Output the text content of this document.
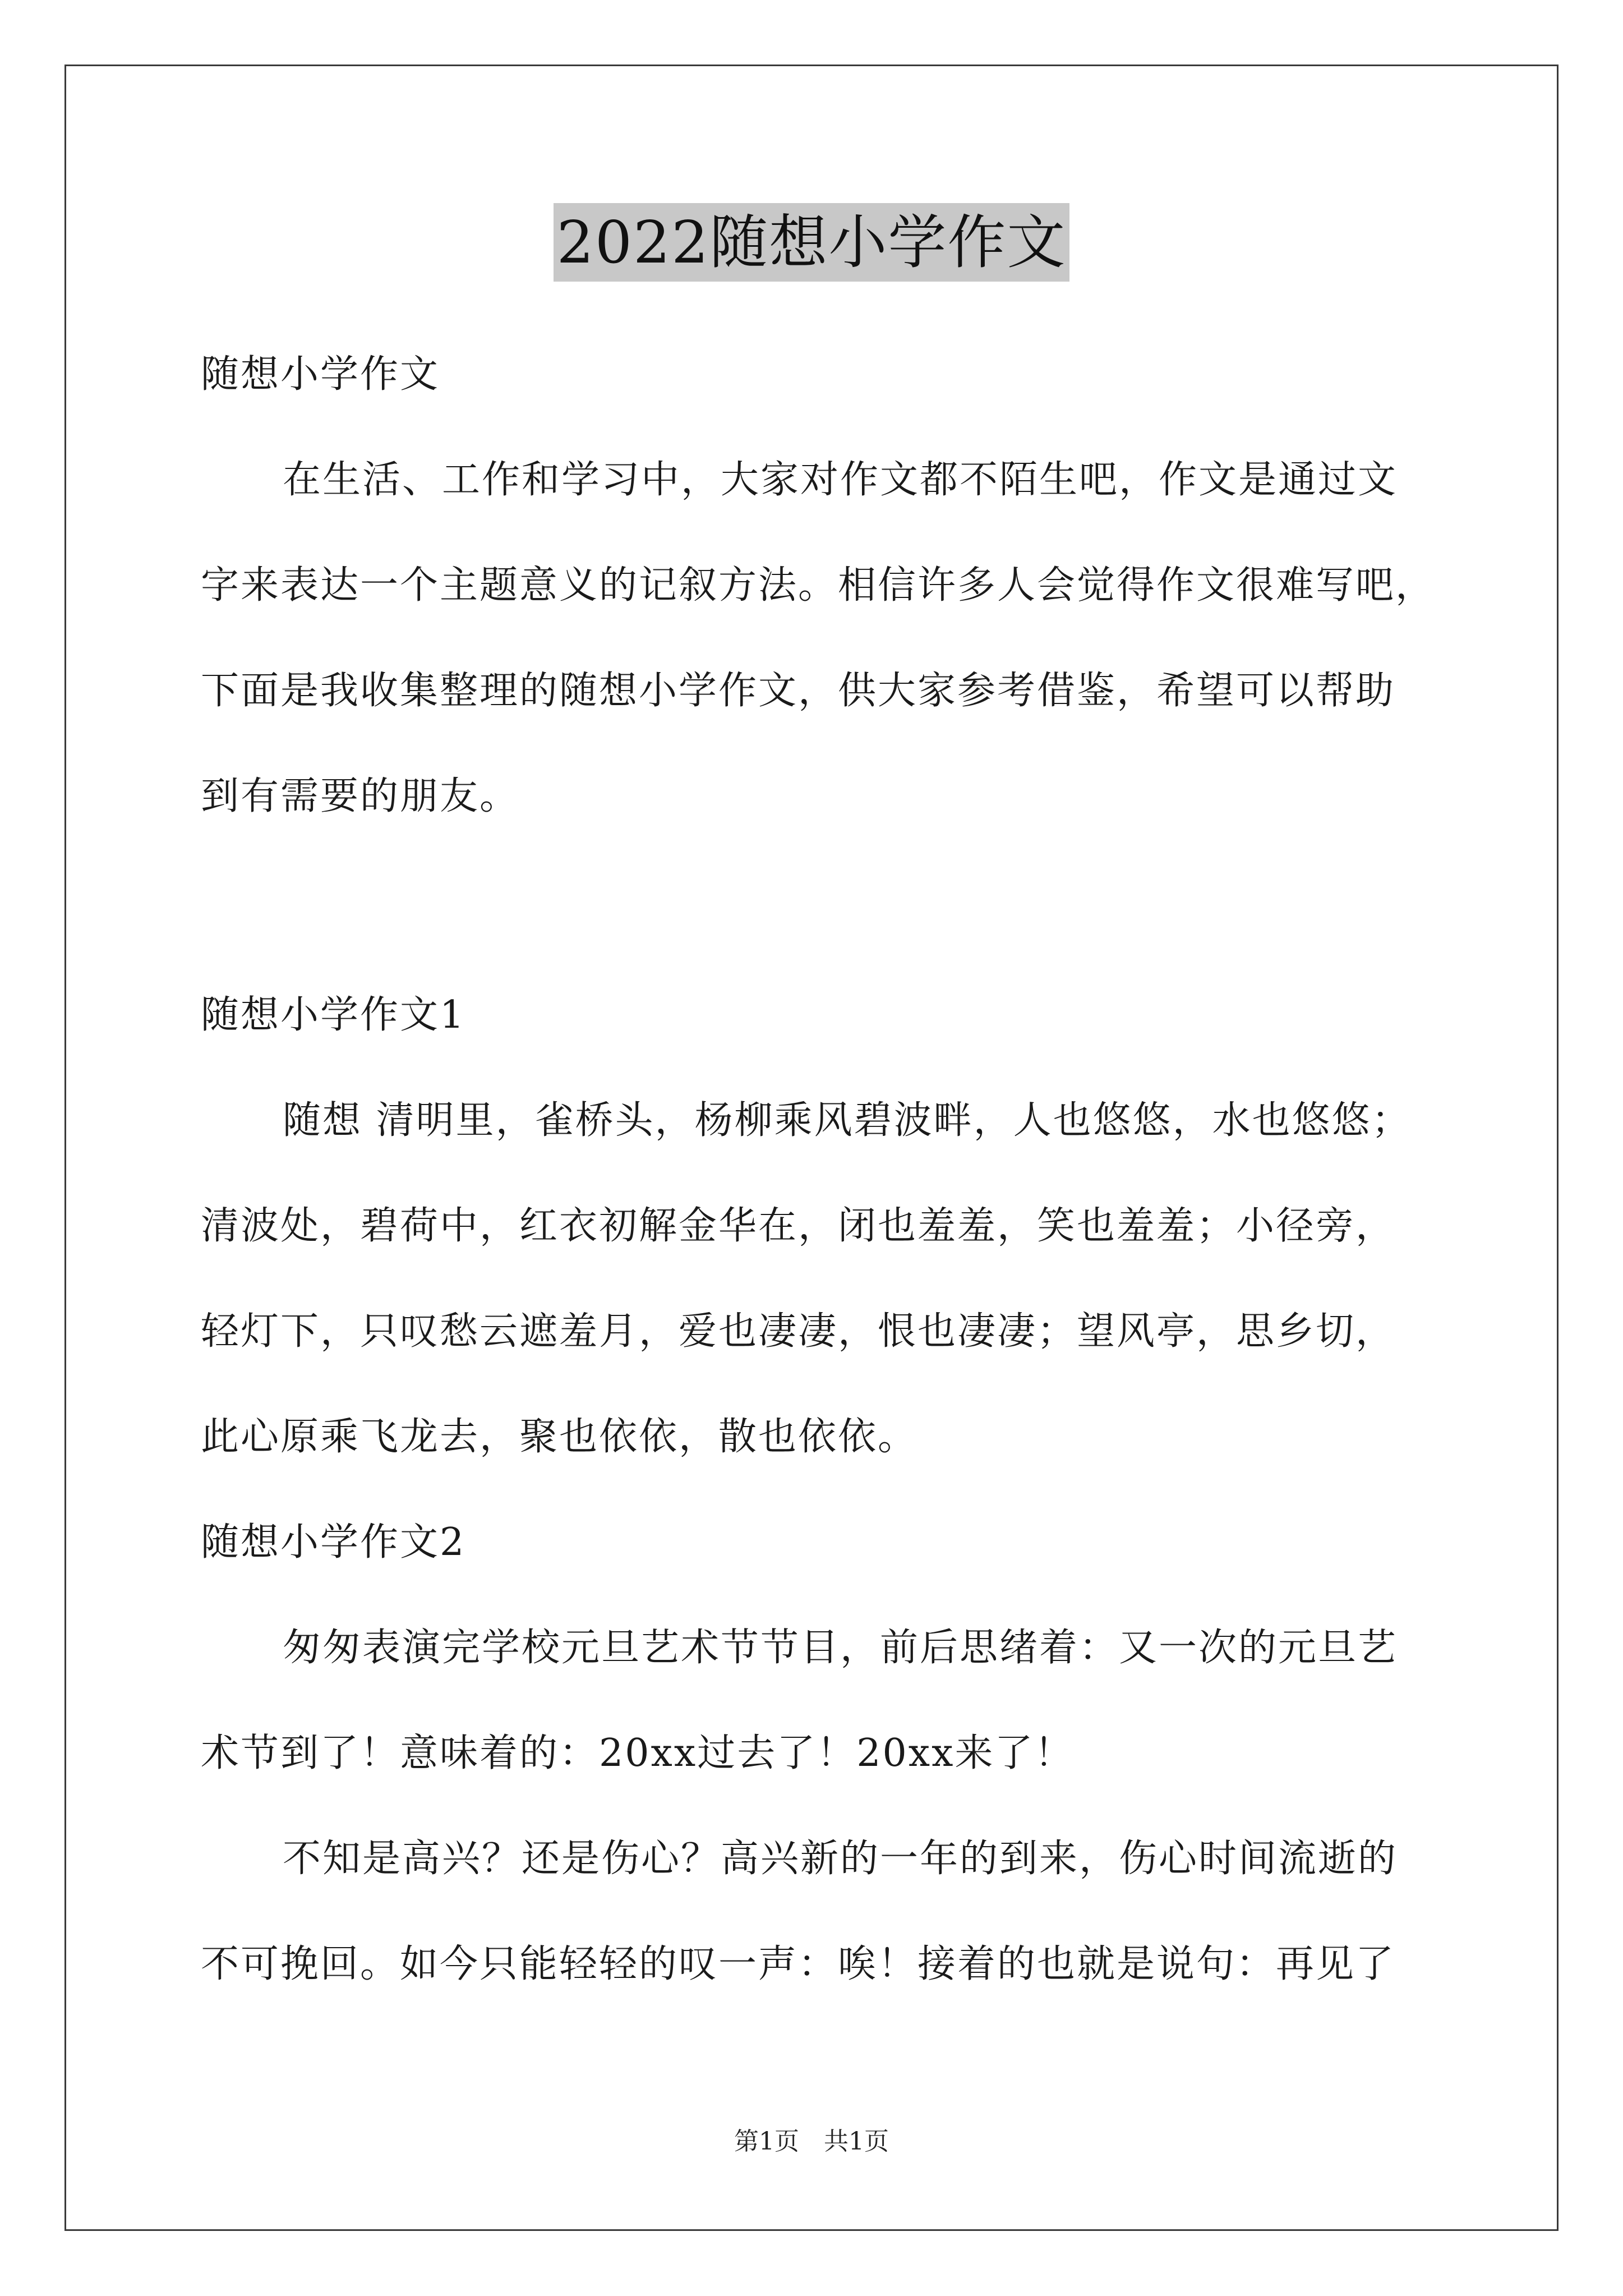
2022随想小学作文
随想小学作文
在生活、工作和学习中，大家对作文都不陌生吧，作文是通过文
字来表达一个主题意义的记叙方法。相信许多人会觉得作文很难写吧，
下面是我收集整理的随想小学作文，供大家参考借鉴，希望可以帮助
到有需要的朋友。
随想小学作文1
随想 清明里，雀桥头，杨柳乘风碧波畔，人也悠悠，水也悠悠；
清波处，碧荷中，红衣初解金华在，闭也羞羞，笑也羞羞；小径旁，
轻灯下，只叹愁云遮羞月，爱也凄凄，恨也凄凄；望风亭，思乡切，
此心原乘飞龙去，聚也依依，散也依依。
随想小学作文2
匆匆表演完学校元旦艺术节节目，前后思绪着：又一次的元旦艺
术节到了！意味着的：20xx过去了！20xx来了！
不知是高兴？还是伤心？高兴新的一年的到来，伤心时间流逝的
不可挽回。如今只能轻轻的叹一声：唉！接着的也就是说句：再见了
第1页　共1页
